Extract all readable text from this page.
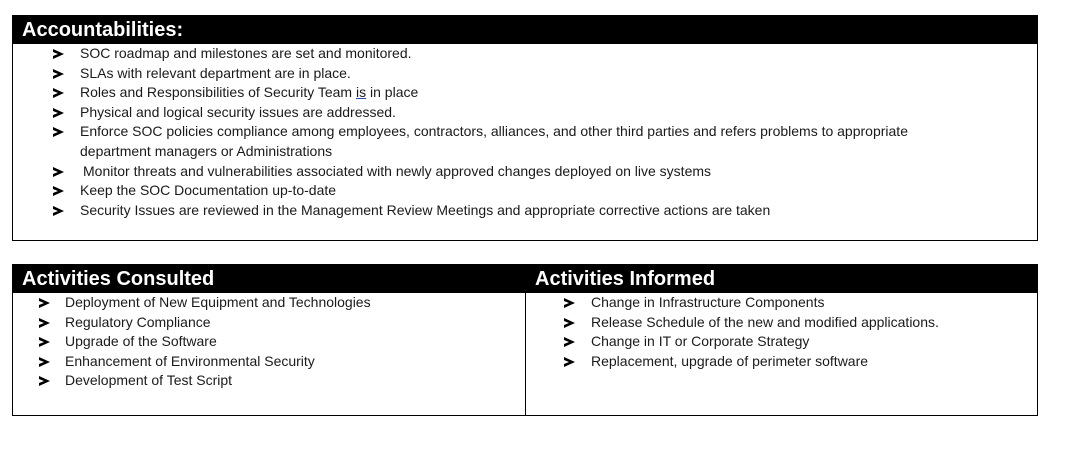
Accountabilities:
SOC roadmap and milestones are set and monitored.
SLAs with relevant department are in place.
Roles and Responsibilities of Security Team is in place
Physical and logical security issues are addressed.
Enforce SOC policies compliance among employees, contractors, alliances, and other third parties and refers problems to appropriate department managers or Administrations
Monitor threats and vulnerabilities associated with newly approved changes deployed on live systems
Keep the SOC Documentation up-to-date
Security Issues are reviewed in the Management Review Meetings and appropriate corrective actions are taken
Activities Consulted
Deployment of New Equipment and Technologies
Regulatory Compliance
Upgrade of the Software
Enhancement of Environmental Security
Development of Test Script
Activities Informed
Change in Infrastructure Components
Release Schedule of the new and modified applications.
Change in IT or Corporate Strategy
Replacement, upgrade of perimeter software
